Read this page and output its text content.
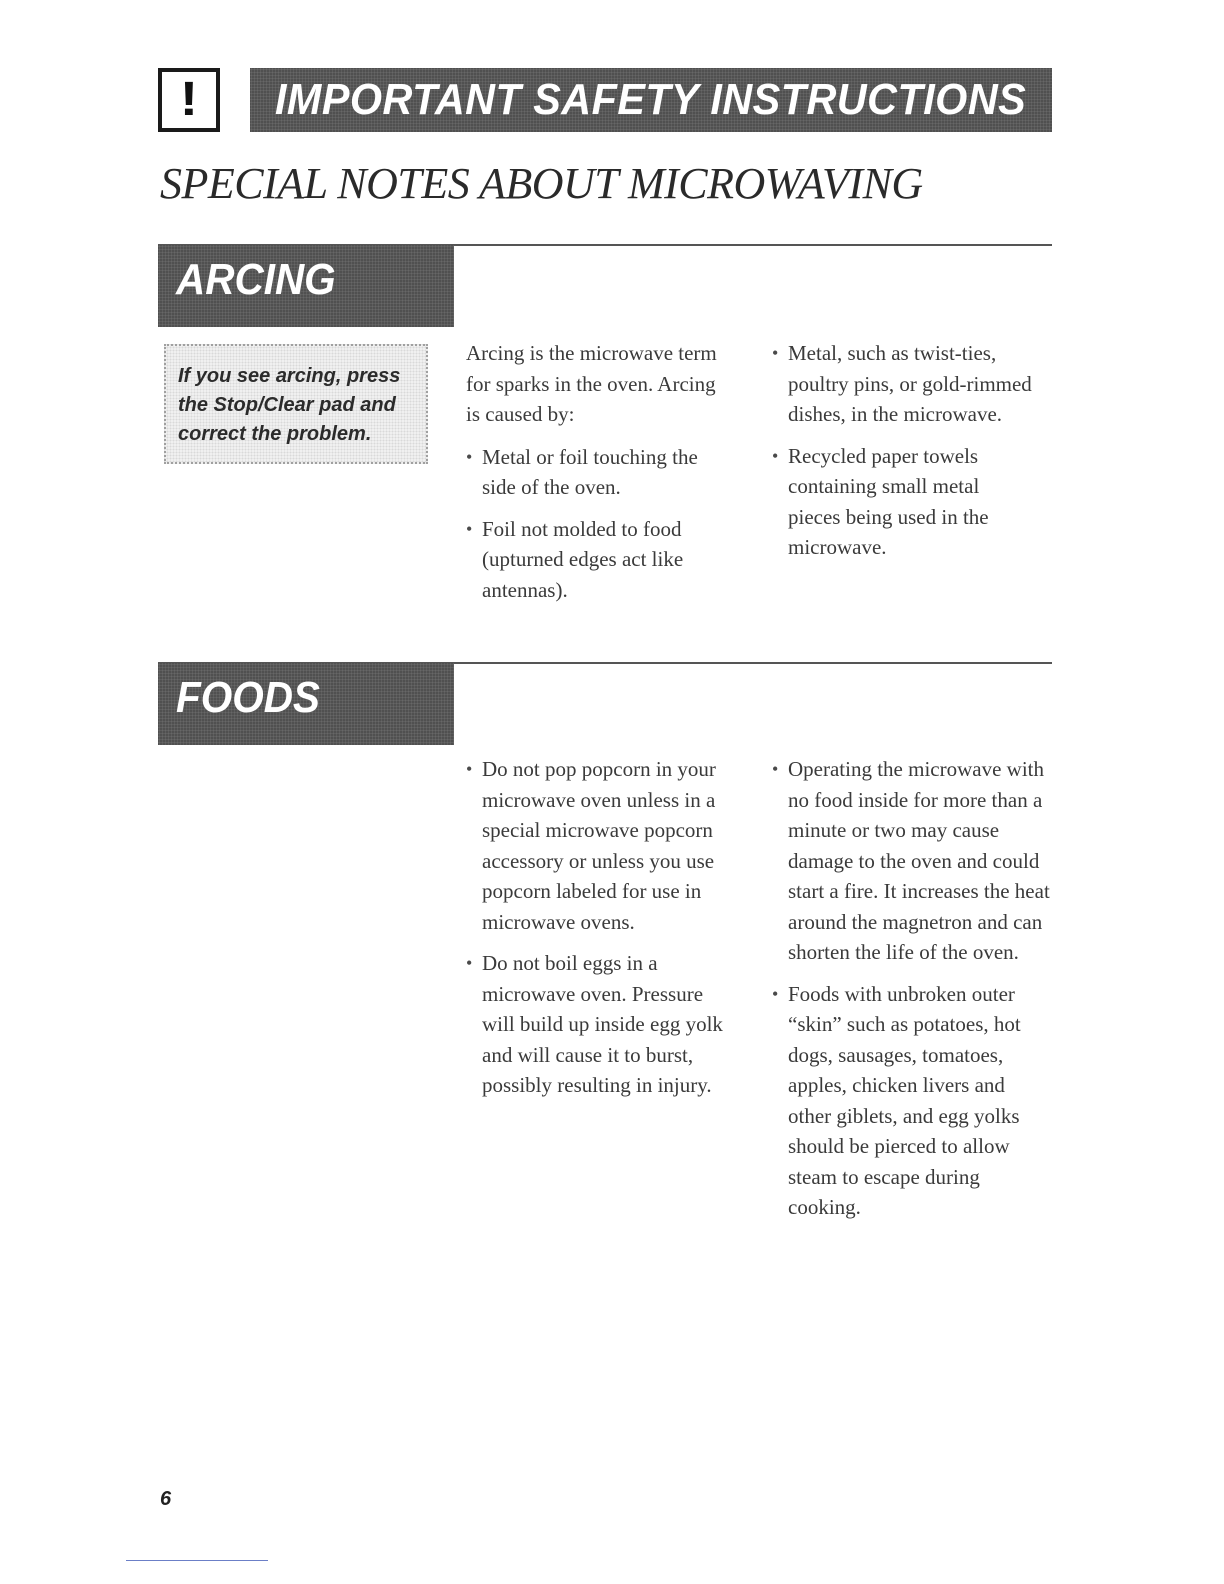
! IMPORTANT SAFETY INSTRUCTIONS
SPECIAL NOTES ABOUT MICROWAVING
ARCING

If you see arcing, press the Stop/Clear pad and correct the problem.

Arcing is the microwave term for sparks in the oven. Arcing is caused by:

• Metal or foil touching the side of the oven.
• Foil not molded to food (upturned edges act like antennas).
• Metal, such as twist-ties, poultry pins, or gold-rimmed dishes, in the microwave.
• Recycled paper towels containing small metal pieces being used in the microwave.
FOODS
• Do not pop popcorn in your microwave oven unless in a special microwave popcorn accessory or unless you use popcorn labeled for use in microwave ovens.
• Do not boil eggs in a microwave oven. Pressure will build up inside egg yolk and will cause it to burst, possibly resulting in injury.
• Operating the microwave with no food inside for more than a minute or two may cause damage to the oven and could start a fire. It increases the heat around the magnetron and can shorten the life of the oven.
• Foods with unbroken outer “skin” such as potatoes, hot dogs, sausages, tomatoes, apples, chicken livers and other giblets, and egg yolks should be pierced to allow steam to escape during cooking.
6
